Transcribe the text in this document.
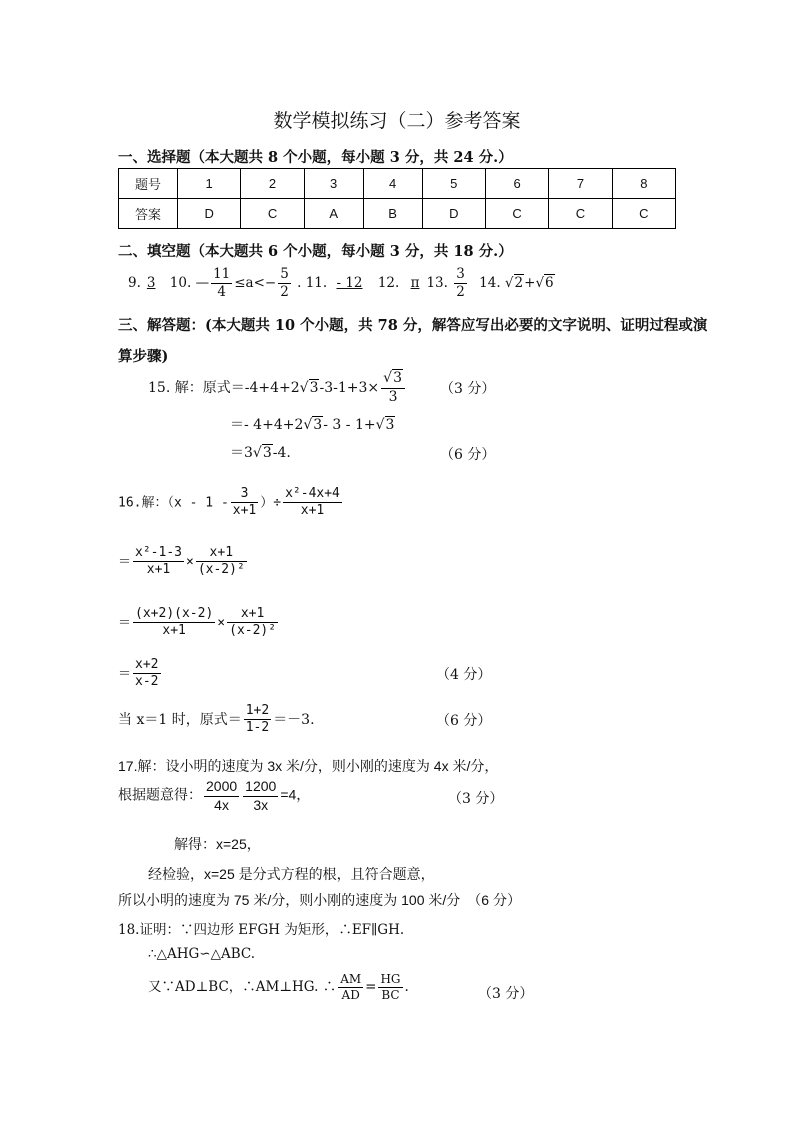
数学模拟练习（二）参考答案
一、选择题（本大题共 8 个小题，每小题 3 分，共 24 分.）
题号	1	2	3	4	5	6	7	8
答案	D	C	A	B	D	C	C	C
二、填空题（本大题共 6 个小题，每小题 3 分，共 18 分.）
9. 3 10. — $\frac{11}{4} \le a<- \frac{5}{2}$ . 11. - 12 12. π 13. $\frac{3}{2} 14$. √2+√6
三、解答题：(本大题共 10 个小题，共 78 分，解答应写出必要的文字说明、证明过程或演
算步骤)
15. 解：原式$=-4+4+2√3-3-1+3\times \frac{√3}{3}$	（3 分）
＝- 4+4+2√3- 3 - 1+√3
＝3√3-4.	（6 分）
16.解：（$x - 1 - \frac{3}{x+1}$ ）÷ $\frac{\text{x²-4x+4}}{x+1}$
＝ $\frac{\text{x²-1-3}}{x+1} \times \frac{x+1}{\text{(x-2)²}}$
＝ $\frac{(x+2)(x-2)}{x+1} \times \frac{x+1}{\text{(x-2)²}}$
＝ $\frac{x+2}{x-2}$	（4 分）
当 x＝1 时，原式＝ $\frac{1+2}{1-2} =-3$.	（6 分）
17.解：设小明的速度为 3x 米/分，则小刚的速度为 4x 米/分，
根据题意得： $\frac{2000}{4x} \frac{1200}{3x} =4$，	（3 分）
解得：x=25，
经检验，x=25 是分式方程的根，且符合题意，
所以小明的速度为 75 米/分，则小刚的速度为 100 米/分　（6 分）
18.证明：∵四边形 EFGH 为矩形，∴EF∥GH.
∴△AHG∽△ABC.
又∵AD⊥BC，∴AM⊥HG. ∴ $\frac{AM}{AD} = \frac{HG}{BC}$ .	（3 分）
